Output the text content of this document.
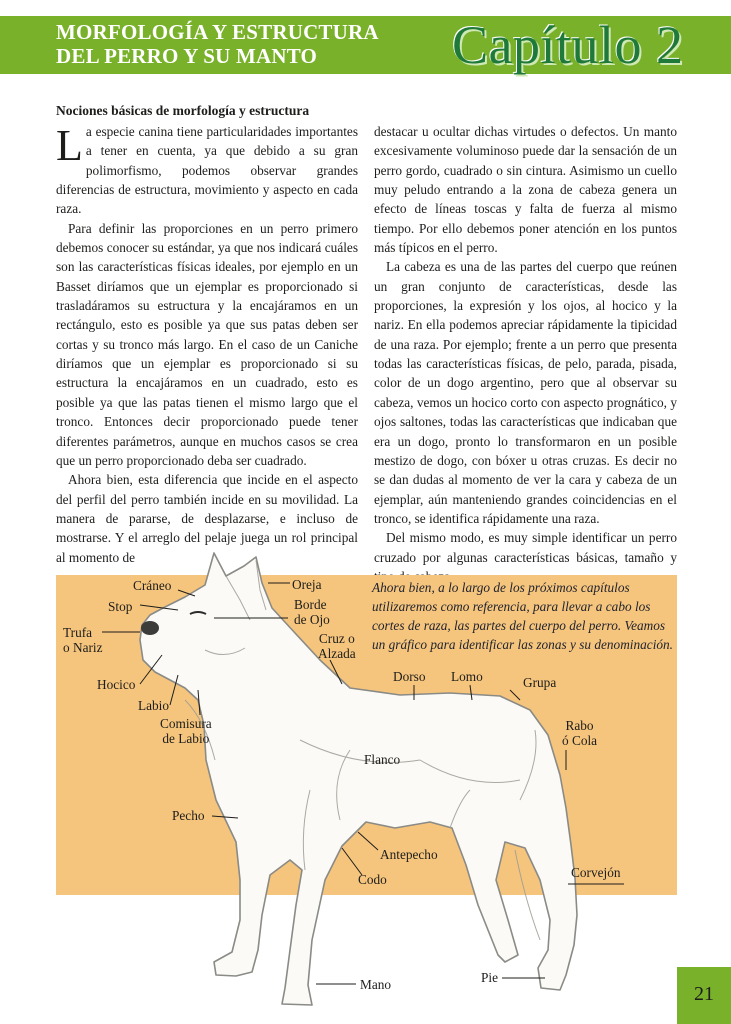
MORFOLOGÍA Y ESTRUCTURA
DEL PERRO Y SU MANTO	Capítulo 2

Nociones básicas de morfología y estructura

La especie canina tiene particularidades importantes a tener en cuenta, ya que debido a su gran polimorfismo, podemos observar grandes diferencias de estructura, movimiento y aspecto en cada raza.

Para definir las proporciones en un perro primero debemos conocer su estándar, ya que nos indicará cuáles son las características físicas ideales, por ejemplo en un Basset diríamos que un ejemplar es proporcionado si trasladáramos su estructura y la encajáramos en un rectángulo, esto es posible ya que sus patas deben ser cortas y su tronco más largo. En el caso de un Caniche diríamos que un ejemplar es proporcionado si su estructura la encajáramos en un cuadrado, esto es posible ya que las patas tienen el mismo largo que el tronco. Entonces decir proporcionado puede tener diferentes parámetros, aunque en muchos casos se crea que un perro proporcionado deba ser cuadrado.

Ahora bien, esta diferencia que incide en el aspecto del perfil del perro también incide en su movilidad. La manera de pararse, de desplazarse, e incluso de mostrarse. Y el arreglo del pelaje juega un rol principal al momento de

destacar u ocultar dichas virtudes o defectos. Un manto excesivamente voluminoso puede dar la sensación de un perro gordo, cuadrado o sin cintura. Asimismo un cuello muy peludo entrando a la zona de cabeza genera un efecto de líneas toscas y falta de fuerza al mismo tiempo. Por ello debemos poner atención en los puntos más típicos en el perro.

La cabeza es una de las partes del cuerpo que reúnen un gran conjunto de características, desde las proporciones, la expresión y los ojos, al hocico y la nariz. En ella podemos apreciar rápidamente la tipicidad de una raza. Por ejemplo; frente a un perro que presenta todas las características físicas, de pelo, parada, pisada, color de un dogo argentino, pero que al observar su cabeza, vemos un hocico corto con aspecto prognático, y ojos saltones, todas las características que indicaban que era un dogo, pronto lo transformaron en un posible mestizo de dogo, con bóxer u otras cruzas. Es decir no se dan dudas al momento de ver la cara y cabeza de un ejemplar, aún manteniendo grandes coincidencias en el tronco, se identifica rápidamente una raza.

Del mismo modo, es muy simple identificar un perro cruzado por algunas características básicas, tamaño y

Ahora bien, a lo largo de los próximos capítulos utilizaremos como referencia, para llevar a cabo los cortes de raza, las partes del cuerpo del perro. Veamos un gráfico para identificar las zonas y su denominación.
Cráneo	Oreja
Stop	Borde
de Ojo
Trufa
o Nariz
Cruz o
Alzada
Dorso Lomo	Grupa
Hocico
Labio
Comisura
de Labio
Rabo
ó Cola
Flanco
Pecho
Antepecho
Codo	Corvejón
Mano	Pie
21
